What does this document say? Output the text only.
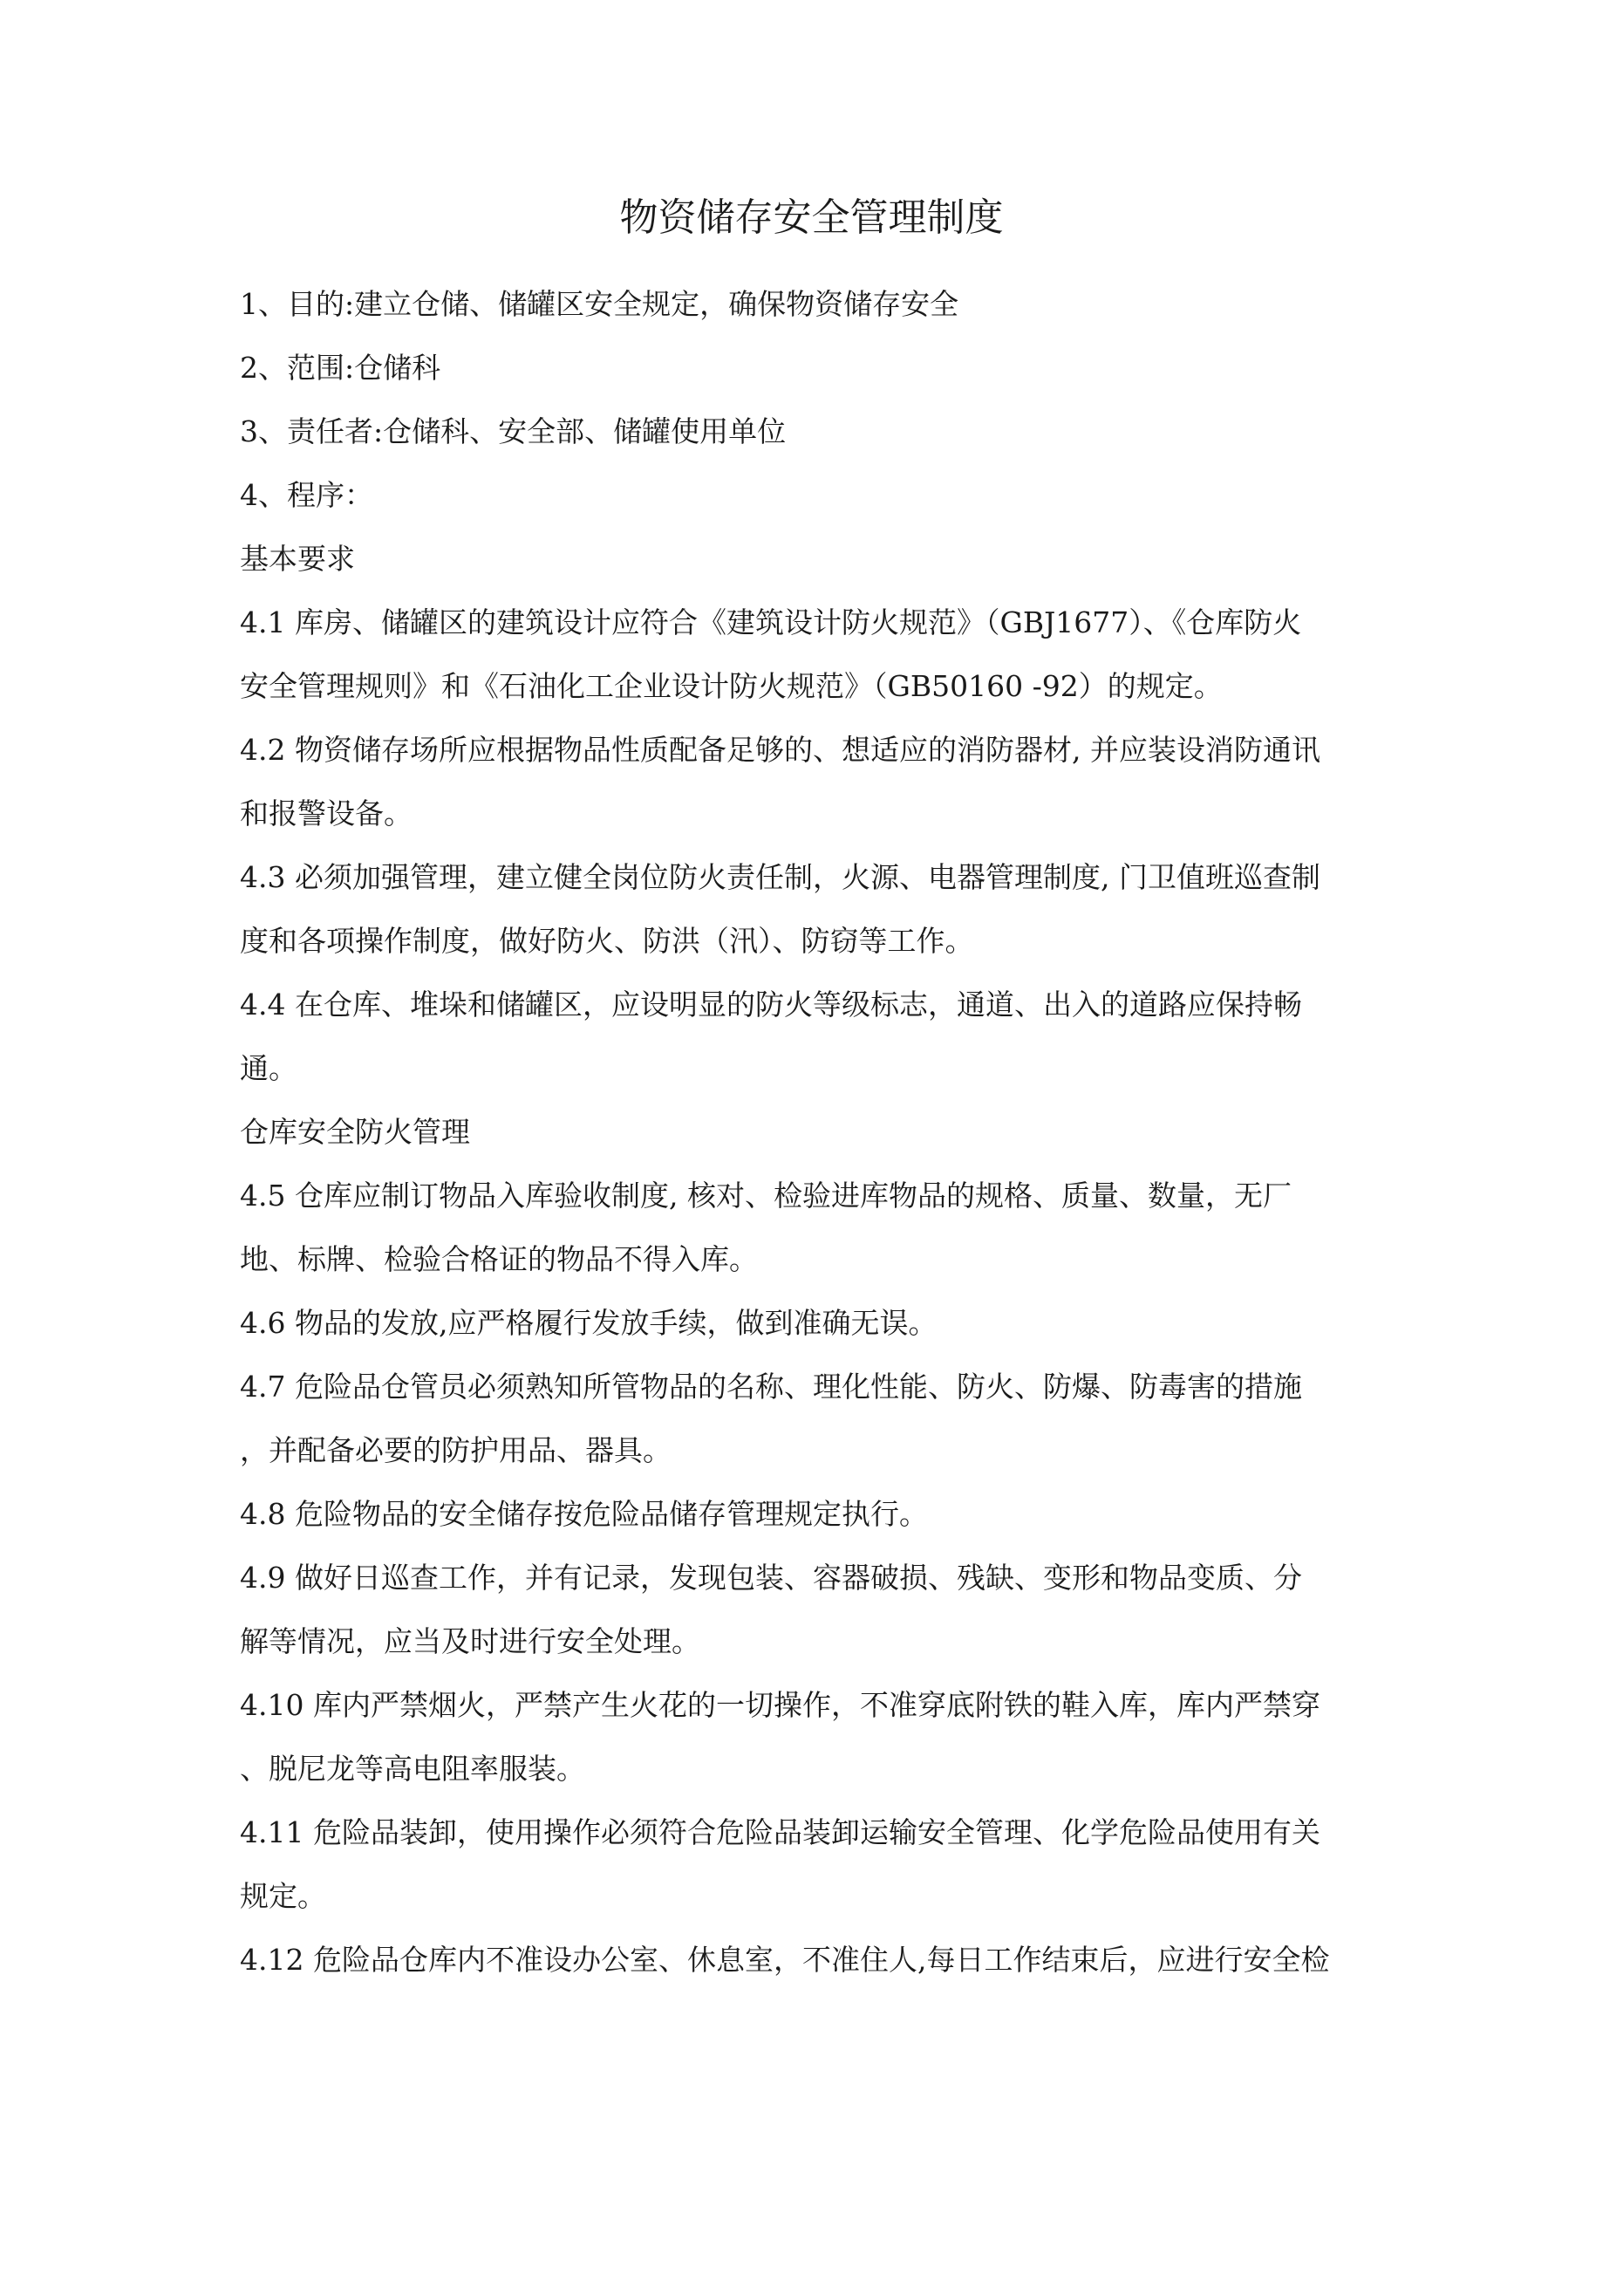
物资储存安全管理制度
1、目的:建立仓储、储罐区安全规定，确保物资储存安全
2、范围:仓储科
3、责任者:仓储科、安全部、储罐使用单位
4、程序：
基本要求
4.1 库房、储罐区的建筑设计应符合《建筑设计防火规范》（GBJ1677）、《仓库防火
安全管理规则》和《石油化工企业设计防火规范》（GB50160 -92）的规定。
4.2 物资储存场所应根据物品性质配备足够的、想适应的消防器材, 并应装设消防通讯
和报警设备。
4.3 必须加强管理，建立健全岗位防火责任制，火源、电器管理制度, 门卫值班巡查制
度和各项操作制度，做好防火、防洪（汛）、防窃等工作。
4.4 在仓库、堆垛和储罐区，应设明显的防火等级标志，通道、出入的道路应保持畅
通。
仓库安全防火管理
4.5 仓库应制订物品入库验收制度, 核对、检验进库物品的规格、质量、数量，无厂
地、标牌、检验合格证的物品不得入库。
4.6 物品的发放,应严格履行发放手续，做到准确无误。
4.7 危险品仓管员必须熟知所管物品的名称、理化性能、防火、防爆、防毒害的措施
，并配备必要的防护用品、器具。
4.8 危险物品的安全储存按危险品储存管理规定执行。
4.9 做好日巡查工作，并有记录，发现包装、容器破损、残缺、变形和物品变质、分
解等情况，应当及时进行安全处理。
4.10 库内严禁烟火，严禁产生火花的一切操作，不准穿底附铁的鞋入库，库内严禁穿
、脱尼龙等高电阻率服装。
4.11 危险品装卸，使用操作必须符合危险品装卸运输安全管理、化学危险品使用有关
规定。
4.12 危险品仓库内不准设办公室、休息室，不准住人,每日工作结束后，应进行安全检
